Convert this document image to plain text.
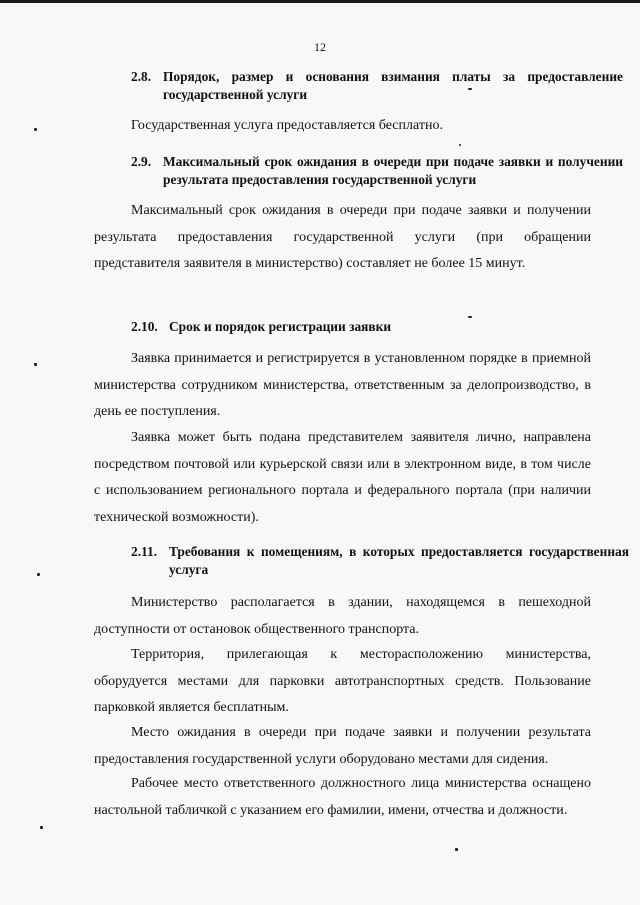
12
2.8. Порядок, размер и основания взимания платы за предоставление государственной услуги
Государственная услуга предоставляется бесплатно.
2.9. Максимальный срок ожидания в очереди при подаче заявки и получении результата предоставления государственной услуги
Максимальный срок ожидания в очереди при подаче заявки и получении результата предоставления государственной услуги (при обращении представителя заявителя в министерство) составляет не более 15 минут.
2.10. Срок и порядок регистрации заявки
Заявка принимается и регистрируется в установленном порядке в приемной министерства сотрудником министерства, ответственным за делопроизводство, в день ее поступления.
Заявка может быть подана представителем заявителя лично, направлена посредством почтовой или курьерской связи или в электронном виде, в том числе с использованием регионального портала и федерального портала (при наличии технической возможности).
2.11. Требования к помещениям, в которых предоставляется государственная услуга
Министерство располагается в здании, находящемся в пешеходной доступности от остановок общественного транспорта.
Территория, прилегающая к месторасположению министерства, оборудуется местами для парковки автотранспортных средств. Пользование парковкой является бесплатным.
Место ожидания в очереди при подаче заявки и получении результата предоставления государственной услуги оборудовано местами для сидения.
Рабочее место ответственного должностного лица министерства оснащено настольной табличкой с указанием его фамилии, имени, отчества и должности.
